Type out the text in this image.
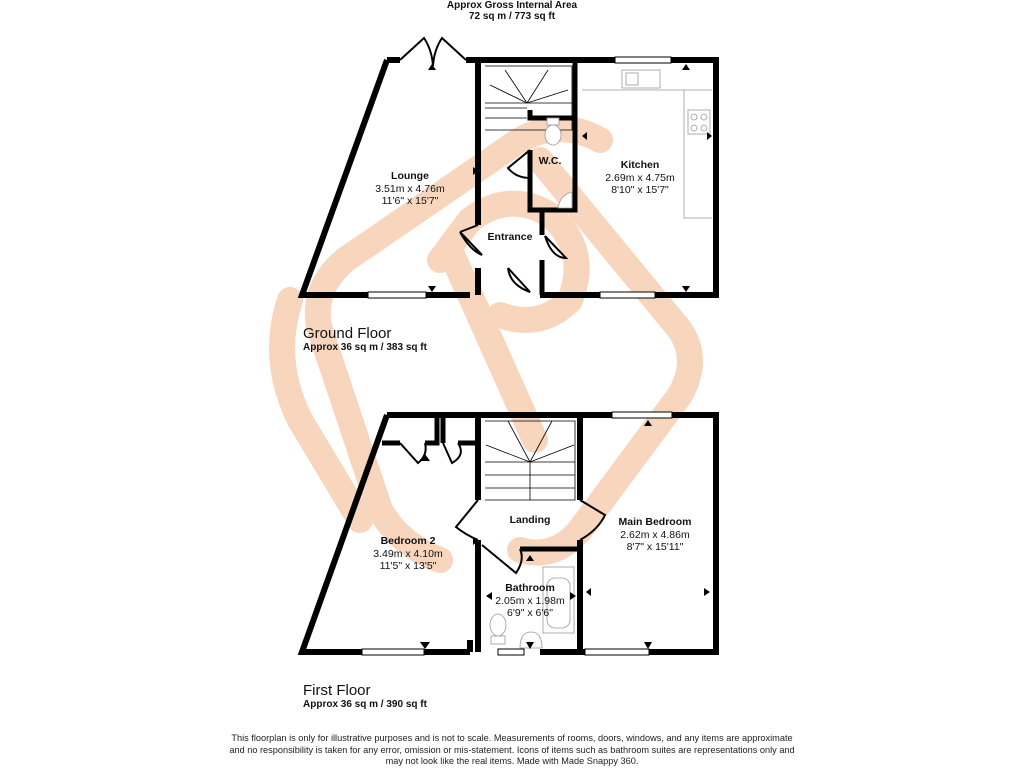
Approx Gross Internal Area
72 sq m / 773 sq ft
Lounge
3.51m x 4.76m
11'6" x 15'7"
W.C.	Kitchen
2.69m x 4.75m
8'10" x 15'7"
Entrance
Ground Floor
Approx 36 sq m / 383 sq ft
Bedroom 2
3.49m x 4.10m
11'5" x 13'5"
Landing	Main Bedroom
2.62m x 4.86m
8'7" x 15'11"
Bathroom
2.05m x 1.98m
6'9" x 6'6"
First Floor
Approx 36 sq m / 390 sq ft
This floorplan is only for illustrative purposes and is not to scale. Measurements of rooms, doors, windows, and any items are approximate
and no responsibility is taken for any error, omission or mis-statement. Icons of items such as bathroom suites are representations only and
may not look like the real items. Made with Made Snappy 360.
